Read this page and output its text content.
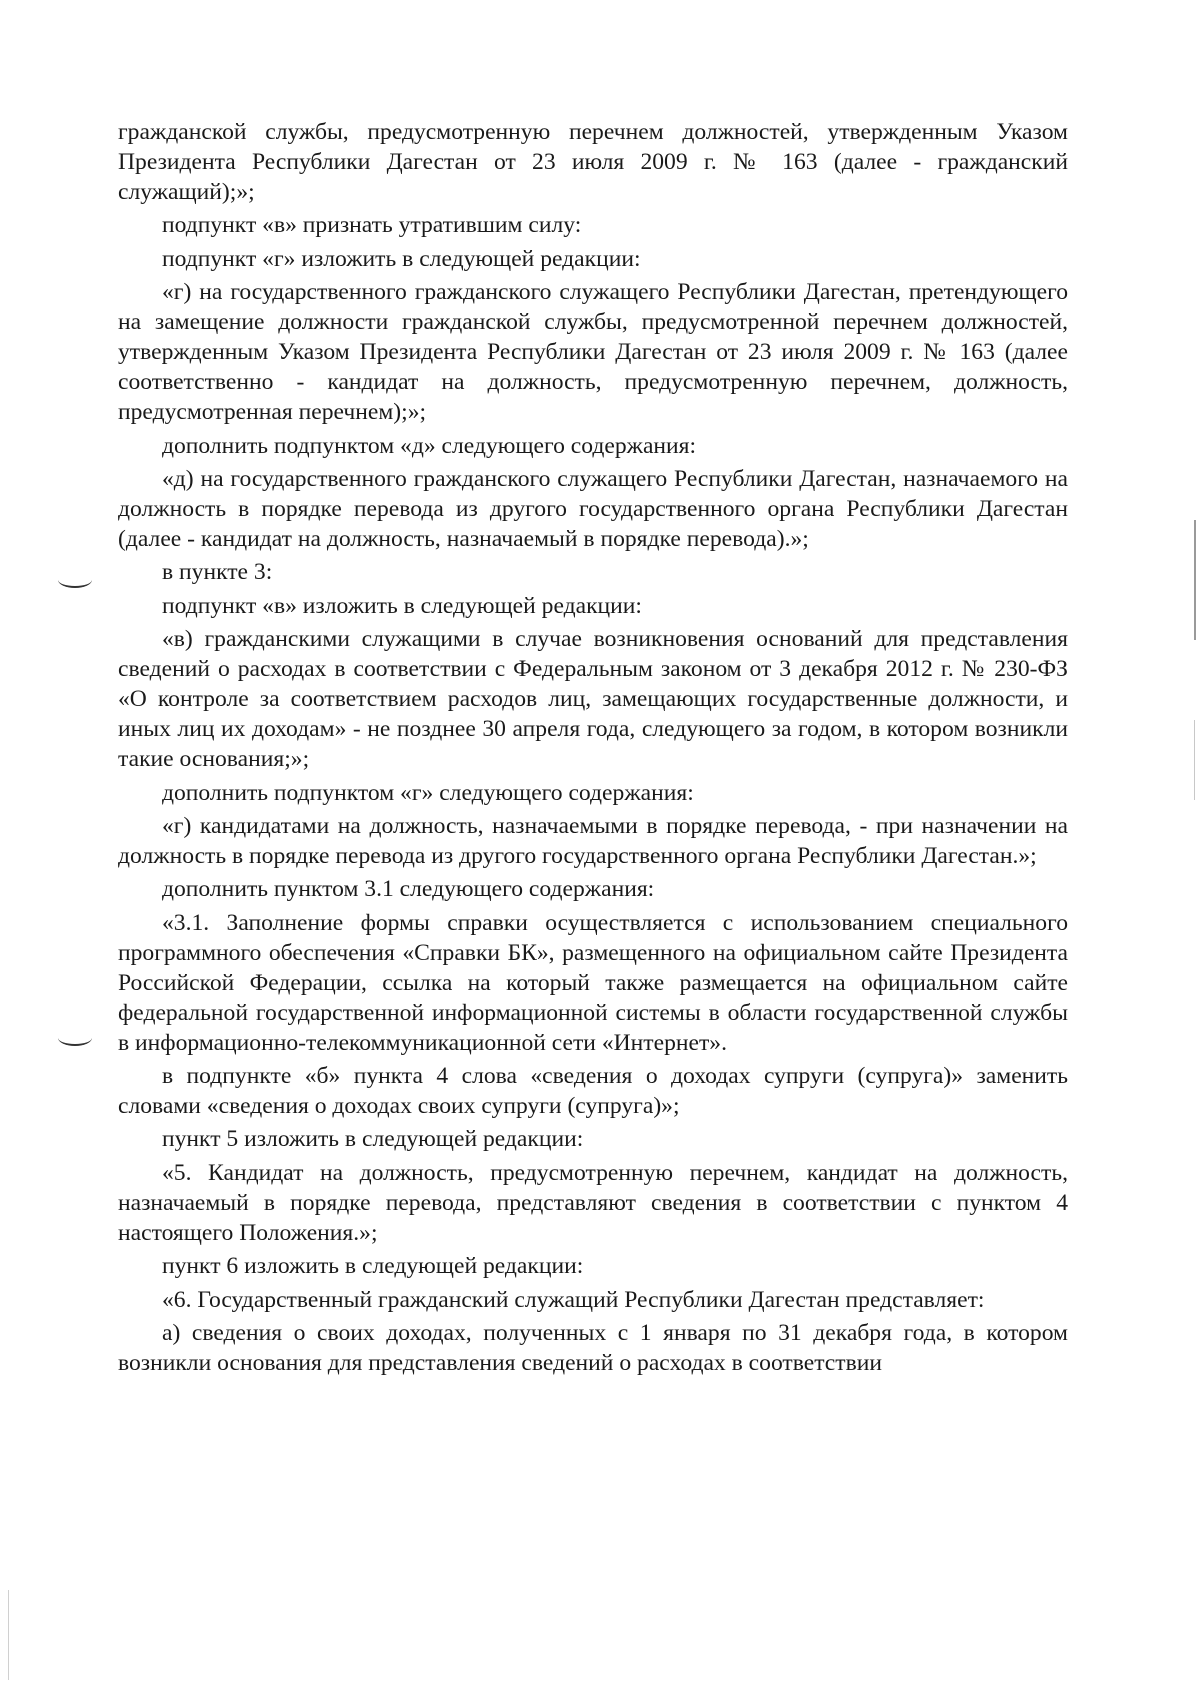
гражданской службы, предусмотренную перечнем должностей, утвержденным Указом Президента Республики Дагестан от 23 июля 2009 г. № 163 (далее - гражданский служащий);»;

подпункт «в» признать утратившим силу:

подпункт «г» изложить в следующей редакции:

«г) на государственного гражданского служащего Республики Дагестан, претендующего на замещение должности гражданской службы, предусмотренной перечнем должностей, утвержденным Указом Президента Республики Дагестан от 23 июля 2009 г. № 163 (далее соответственно - кандидат на должность, предусмотренную перечнем, должность, предусмотренная перечнем);»;

дополнить подпунктом «д» следующего содержания:

«д) на государственного гражданского служащего Республики Дагестан, назначаемого на должность в порядке перевода из другого государственного органа Республики Дагестан (далее - кандидат на должность, назначаемый в порядке перевода).»;

в пункте 3:

подпункт «в» изложить в следующей редакции:

«в) гражданскими служащими в случае возникновения оснований для представления сведений о расходах в соответствии с Федеральным законом от 3 декабря 2012 г. № 230-ФЗ «О контроле за соответствием расходов лиц, замещающих государственные должности, и иных лиц их доходам» - не позднее 30 апреля года, следующего за годом, в котором возникли такие основания;»;

дополнить подпунктом «г» следующего содержания:

«г) кандидатами на должность, назначаемыми в порядке перевода, - при назначении на должность в порядке перевода из другого государственного органа Республики Дагестан.»;

дополнить пунктом 3.1 следующего содержания:

«3.1. Заполнение формы справки осуществляется с использованием специального программного обеспечения «Справки БК», размещенного на официальном сайте Президента Российской Федерации, ссылка на который также размещается на официальном сайте федеральной государственной информационной системы в области государственной службы в информационно-телекоммуникационной сети «Интернет».

в подпункте «б» пункта 4 слова «сведения о доходах супруги (супруга)» заменить словами «сведения о доходах своих супруги (супруга)»;

пункт 5 изложить в следующей редакции:

«5. Кандидат на должность, предусмотренную перечнем, кандидат на должность, назначаемый в порядке перевода, представляют сведения в соответствии с пунктом 4 настоящего Положения.»;

пункт 6 изложить в следующей редакции:

«6. Государственный гражданский служащий Республики Дагестан представляет:

а) сведения о своих доходах, полученных с 1 января по 31 декабря года, в котором возникли основания для представления сведений о расходах в соответствии
